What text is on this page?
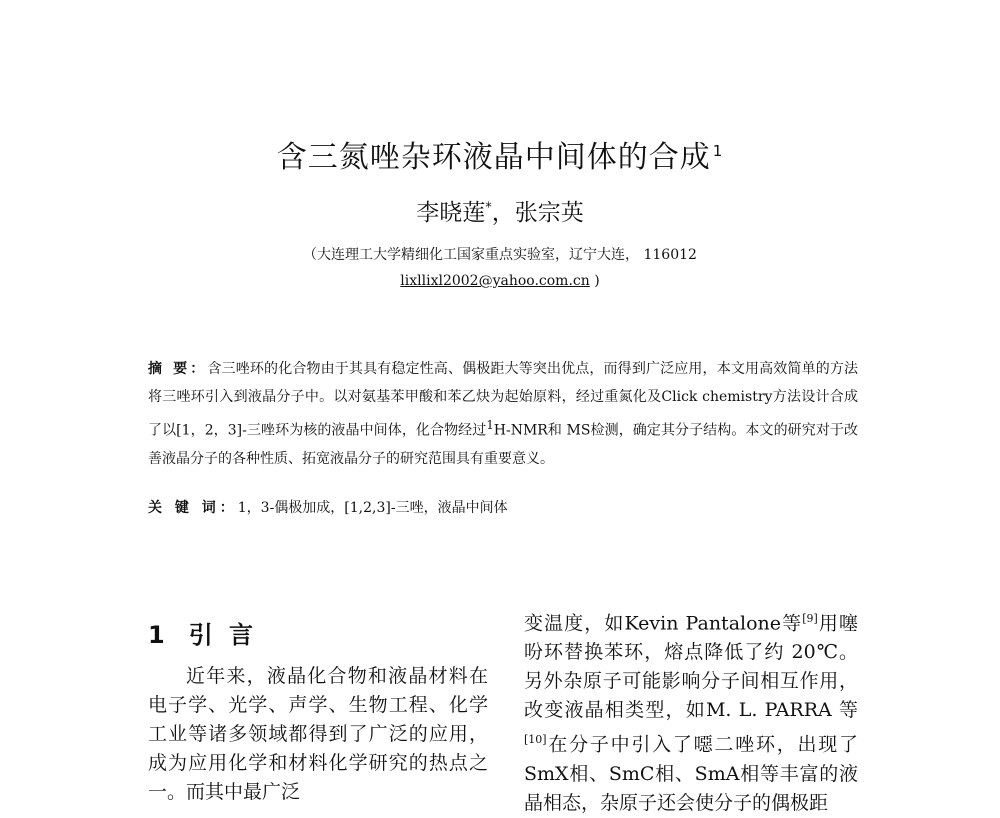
含三氮唑杂环液晶中间体的合成 $^1$
李晓莲*，张宗英
（大连理工大学精细化工国家重点实验室，辽宁大连， 116012
lixllixl2002@yahoo.com.cn )
摘 要：含三唑环的化合物由于其具有稳定性高、偶极距大等突出优点，而得到广泛应用，本文用高效简单的方法将三唑环引入到液晶分子中。以对氨基苯甲酸和苯乙炔为起始原料，经过重氮化及Click chemistry方法设计合成了以[1，2，3]-三唑环为核的液晶中间体，化合物经过$^1$H-NMR和 MS检测，确定其分子结构。本文的研究对于改善液晶分子的各种性质、拓宽液晶分子的研究范围具有重要意义。
关 键 词：1，3-偶极加成，[1,2,3]-三唑，液晶中间体
1 引 言

近年来，液晶化合物和液晶材料在电子学、光学、声学、生物工程、化学工业等诸多领域都得到了广泛的应用，成为应用化学和材料化学研究的热点之一。而其中最广泛

变温度，如Kevin Pantalone等[9]用噻吩环替换苯环，熔点降低了约 20℃。另外杂原子可能影响分子间相互作用，改变液晶相类型，如M. L. PARRA 等[10]在分子中引入了噁二唑环，出现了SmX相、SmC相、SmA相等丰富的液晶相态，杂原子还会使分子的偶极距
